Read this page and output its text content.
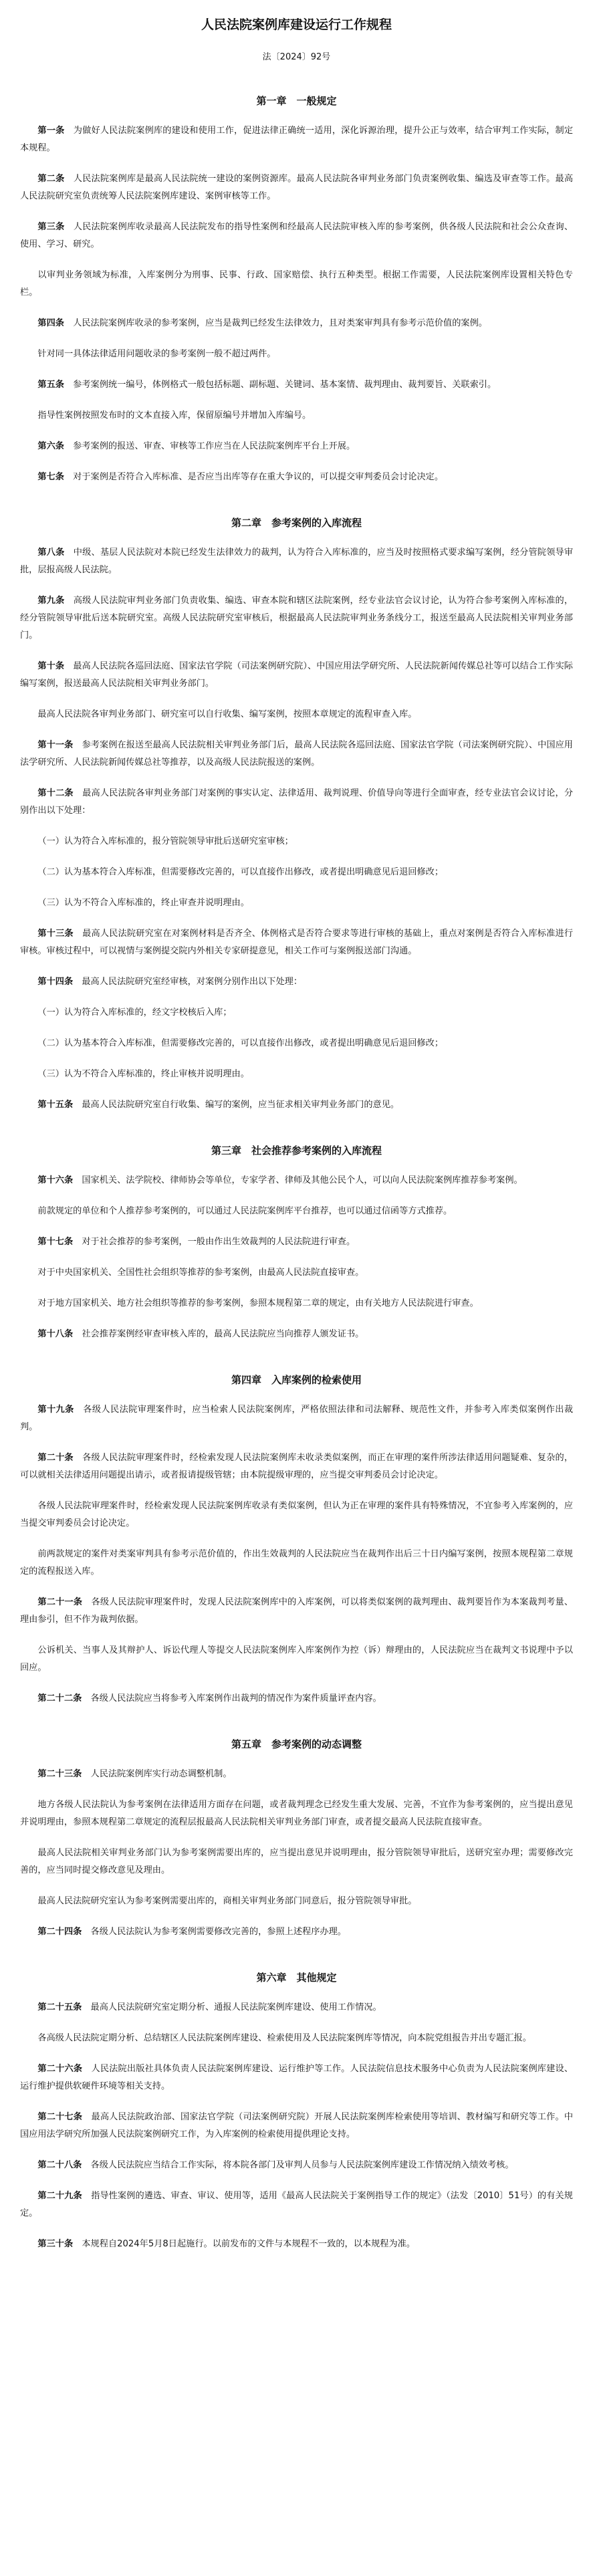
人民法院案例库建设运行工作规程
法〔2024〕92号
第一章　一般规定

第一条　 为做好人民法院案例库的建设和使用工作，促进法律正确统一适用，深化诉源治理，提升公正与效率，结合审判工作实际，制定本规程。

第二条　 人民法院案例库是最高人民法院统一建设的案例资源库。最高人民法院各审判业务部门负责案例收集、编选及审查等工作。最高人民法院研究室负责统筹人民法院案例库建设、案例审核等工作。

第三条　 人民法院案例库收录最高人民法院发布的指导性案例和经最高人民法院审核入库的参考案例，供各级人民法院和社会公众查询、使用、学习、研究。

以审判业务领域为标准，入库案例分为刑事、民事、行政、国家赔偿、执行五种类型。根据工作需要，人民法院案例库设置相关特色专栏。

第四条　 人民法院案例库收录的参考案例，应当是裁判已经发生法律效力，且对类案审判具有参考示范价值的案例。

针对同一具体法律适用问题收录的参考案例一般不超过两件。

第五条　 参考案例统一编号，体例格式一般包括标题、副标题、关键词、基本案情、裁判理由、裁判要旨、关联索引。

指导性案例按照发布时的文本直接入库，保留原编号并增加入库编号。

第六条　 参考案例的报送、审查、审核等工作应当在人民法院案例库平台上开展。

第七条　 对于案例是否符合入库标准、是否应当出库等存在重大争议的，可以提交审判委员会讨论决定。

第二章　参考案例的入库流程

第八条　 中级、基层人民法院对本院已经发生法律效力的裁判，认为符合入库标准的，应当及时按照格式要求编写案例，经分管院领导审批，层报高级人民法院。

第九条　 高级人民法院审判业务部门负责收集、编选、审查本院和辖区法院案例，经专业法官会议讨论，认为符合参考案例入库标准的，经分管院领导审批后送本院研究室。高级人民法院研究室审核后，根据最高人民法院审判业务条线分工，报送至最高人民法院相关审判业务部门。

第十条　 最高人民法院各巡回法庭、国家法官学院（司法案例研究院）、中国应用法学研究所、人民法院新闻传媒总社等可以结合工作实际编写案例，报送最高人民法院相关审判业务部门。

最高人民法院各审判业务部门、研究室可以自行收集、编写案例，按照本章规定的流程审查入库。

第十一条　 参考案例在报送至最高人民法院相关审判业务部门后，最高人民法院各巡回法庭、国家法官学院（司法案例研究院）、中国应用法学研究所、人民法院新闻传媒总社等推荐，以及高级人民法院报送的案例。

第十二条　 最高人民法院各审判业务部门对案例的事实认定、法律适用、裁判说理、价值导向等进行全面审查，经专业法官会议讨论，分别作出以下处理：

（一）认为符合入库标准的，报分管院领导审批后送研究室审核；

（二）认为基本符合入库标准，但需要修改完善的，可以直接作出修改，或者提出明确意见后退回修改；

（三）认为不符合入库标准的，终止审查并说明理由。

第十三条　 最高人民法院研究室在对案例材料是否齐全、体例格式是否符合要求等进行审核的基础上，重点对案例是否符合入库标准进行审核。审核过程中，可以视情与案例提交院内外相关专家研提意见，相关工作可与案例报送部门沟通。

第十四条　 最高人民法院研究室经审核，对案例分别作出以下处理：

（一）认为符合入库标准的，经文字校核后入库；

（二）认为基本符合入库标准，但需要修改完善的，可以直接作出修改，或者提出明确意见后退回修改；

（三）认为不符合入库标准的，终止审核并说明理由。

第十五条　 最高人民法院研究室自行收集、编写的案例，应当征求相关审判业务部门的意见。

第三章　社会推荐参考案例的入库流程

第十六条　 国家机关、法学院校、律师协会等单位，专家学者、律师及其他公民个人，可以向人民法院案例库推荐参考案例。

前款规定的单位和个人推荐参考案例的，可以通过人民法院案例库平台推荐，也可以通过信函等方式推荐。

第十七条　 对于社会推荐的参考案例，一般由作出生效裁判的人民法院进行审查。

对于中央国家机关、全国性社会组织等推荐的参考案例，由最高人民法院直接审查。

对于地方国家机关、地方社会组织等推荐的参考案例，参照本规程第二章的规定，由有关地方人民法院进行审查。

第十八条　 社会推荐案例经审查审核入库的，最高人民法院应当向推荐人颁发证书。

第四章　入库案例的检索使用

第十九条　 各级人民法院审理案件时，应当检索人民法院案例库，严格依照法律和司法解释、规范性文件，并参考入库类似案例作出裁判。

第二十条　 各级人民法院审理案件时，经检索发现人民法院案例库未收录类似案例，而正在审理的案件所涉法律适用问题疑难、复杂的，可以就相关法律适用问题提出请示，或者报请提级管辖；由本院提级审理的，应当提交审判委员会讨论决定。

各级人民法院审理案件时，经检索发现人民法院案例库收录有类似案例，但认为正在审理的案件具有特殊情况，不宜参考入库案例的，应当提交审判委员会讨论决定。

前两款规定的案件对类案审判具有参考示范价值的，作出生效裁判的人民法院应当在裁判作出后三十日内编写案例，按照本规程第二章规定的流程报送入库。

第二十一条　 各级人民法院审理案件时，发现人民法院案例库中的入库案例，可以将类似案例的裁判理由、裁判要旨作为本案裁判考量、理由参引，但不作为裁判依据。

公诉机关、当事人及其辩护人、诉讼代理人等提交人民法院案例库入库案例作为控（诉）辩理由的，人民法院应当在裁判文书说理中予以回应。

第二十二条　 各级人民法院应当将参考入库案例作出裁判的情况作为案件质量评查内容。

第五章　参考案例的动态调整

第二十三条　 人民法院案例库实行动态调整机制。

地方各级人民法院认为参考案例在法律适用方面存在问题，或者裁判理念已经发生重大发展、完善，不宜作为参考案例的，应当提出意见并说明理由，参照本规程第二章规定的流程层报最高人民法院相关审判业务部门审查，或者提交最高人民法院直接审查。

最高人民法院相关审判业务部门认为参考案例需要出库的，应当提出意见并说明理由，报分管院领导审批后，送研究室办理；需要修改完善的，应当同时提交修改意见及理由。

最高人民法院研究室认为参考案例需要出库的，商相关审判业务部门同意后，报分管院领导审批。

第二十四条　 各级人民法院认为参考案例需要修改完善的，参照上述程序办理。

第六章　其他规定

第二十五条　 最高人民法院研究室定期分析、通报人民法院案例库建设、使用工作情况。

各高级人民法院定期分析、总结辖区人民法院案例库建设、检索使用及人民法院案例库等情况，向本院党组报告并出专题汇报。

第二十六条　 人民法院出版社具体负责人民法院案例库建设、运行维护等工作。人民法院信息技术服务中心负责为人民法院案例库建设、运行维护提供软硬件环境等相关支持。

第二十七条　 最高人民法院政治部、国家法官学院（司法案例研究院）开展人民法院案例库检索使用等培训、教材编写和研究等工作。中国应用法学研究所加强人民法院案例研究工作，为入库案例的检索使用提供理论支持。

第二十八条　 各级人民法院应当结合工作实际，将本院各部门及审判人员参与人民法院案例库建设工作情况纳入绩效考核。

第二十九条　 指导性案例的遴选、审查、审议、使用等，适用《最高人民法院关于案例指导工作的规定》（法发〔2010〕51号）的有关规定。

第三十条　 本规程自2024年5月8日起施行。以前发布的文件与本规程不一致的，以本规程为准。
